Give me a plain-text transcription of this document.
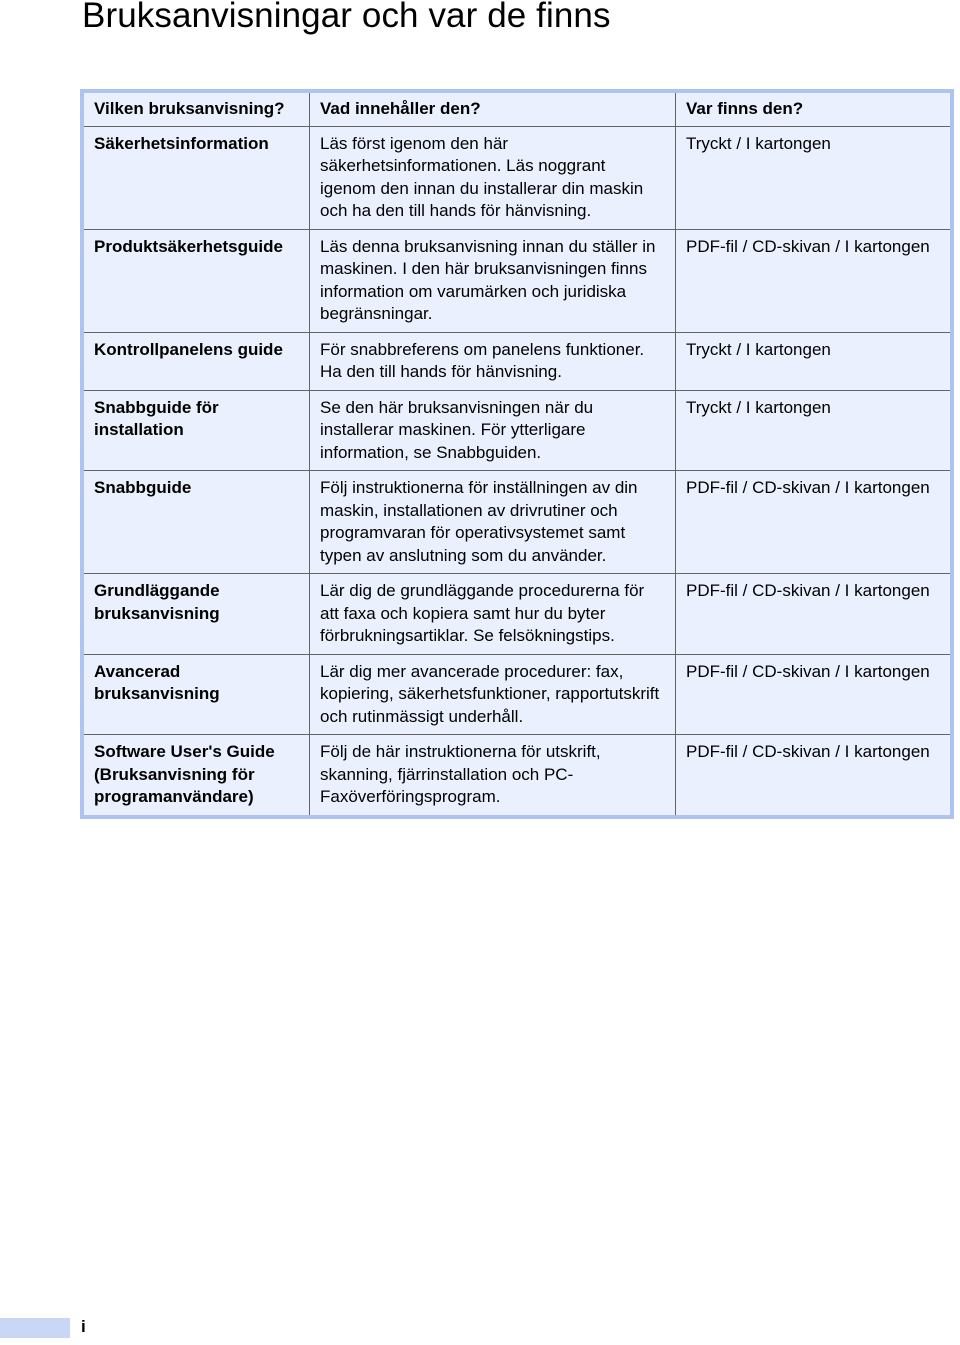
Bruksanvisningar och var de finns
Vilken bruksanvisning?	Vad innehåller den?	Var finns den?
Säkerhetsinformation	Läs först igenom den här säkerhetsinformationen. Läs noggrant igenom den innan du installerar din maskin och ha den till hands för hänvisning.	Tryckt / I kartongen
Produktsäkerhetsguide	Läs denna bruksanvisning innan du ställer in maskinen. I den här bruksanvisningen finns information om varumärken och juridiska begränsningar.	PDF-fil / CD-skivan / I kartongen
Kontrollpanelens guide	För snabbreferens om panelens funktioner. Ha den till hands för hänvisning.	Tryckt / I kartongen
Snabbguide för installation	Se den här bruksanvisningen när du installerar maskinen. För ytterligare information, se Snabbguiden.	Tryckt / I kartongen
Snabbguide	Följ instruktionerna för inställningen av din maskin, installationen av drivrutiner och programvaran för operativsystemet samt typen av anslutning som du använder.	PDF-fil / CD-skivan / I kartongen
Grundläggande bruksanvisning	Lär dig de grundläggande procedurerna för att faxa och kopiera samt hur du byter förbrukningsartiklar. Se felsökningstips.	PDF-fil / CD-skivan / I kartongen
Avancerad bruksanvisning	Lär dig mer avancerade procedurer: fax, kopiering, säkerhetsfunktioner, rapportutskrift och rutinmässigt underhåll.	PDF-fil / CD-skivan / I kartongen
Software User's Guide (Bruksanvisning för programanvändare)	Följ de här instruktionerna för utskrift, skanning, fjärrinstallation och PC-Faxöverföringsprogram.	PDF-fil / CD-skivan / I kartongen
i
